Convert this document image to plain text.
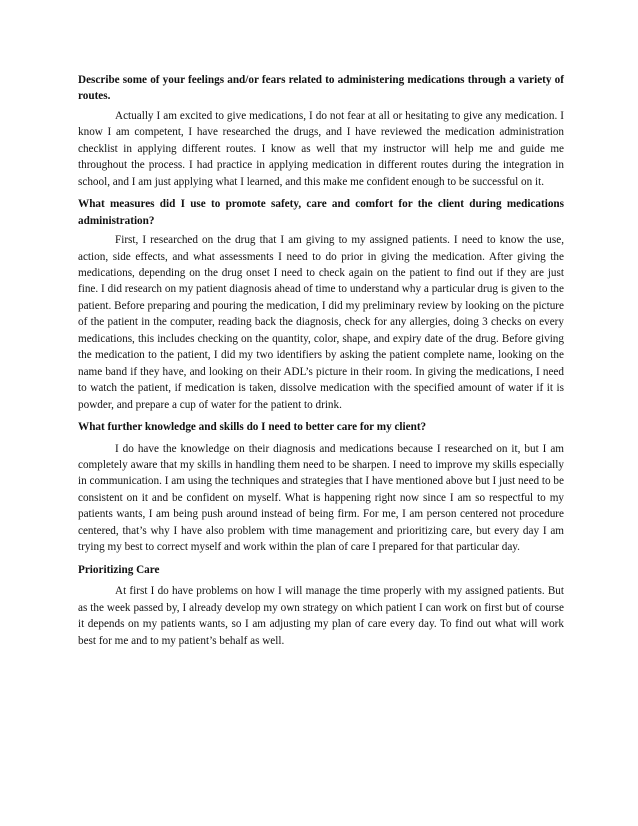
Describe some of your feelings and/or fears related to administering medications through a variety of routes.

Actually I am excited to give medications, I do not fear at all or hesitating to give any medication. I know I am competent, I have researched the drugs, and I have reviewed the medication administration checklist in applying different routes. I know as well that my instructor will help me and guide me throughout the process. I had practice in applying medication in different routes during the integration in school, and I am just applying what I learned, and this make me confident enough to be successful on it.

What measures did I use to promote safety, care and comfort for the client during medications administration?

First, I researched on the drug that I am giving to my assigned patients. I need to know the use, action, side effects, and what assessments I need to do prior in giving the medication. After giving the medications, depending on the drug onset I need to check again on the patient to find out if they are just fine. I did research on my patient diagnosis ahead of time to understand why a particular drug is given to the patient. Before preparing and pouring the medication, I did my preliminary review by looking on the picture of the patient in the computer, reading back the diagnosis, check for any allergies, doing 3 checks on every medications, this includes checking on the quantity, color, shape, and expiry date of the drug. Before giving the medication to the patient, I did my two identifiers by asking the patient complete name, looking on the name band if they have, and looking on their ADL’s picture in their room. In giving the medications, I need to watch the patient, if medication is taken, dissolve medication with the specified amount of water if it is powder, and prepare a cup of water for the patient to drink.

What further knowledge and skills do I need to better care for my client?

I do have the knowledge on their diagnosis and medications because I researched on it, but I am completely aware that my skills in handling them need to be sharpen. I need to improve my skills especially in communication. I am using the techniques and strategies that I have mentioned above but I just need to be consistent on it and be confident on myself. What is happening right now since I am so respectful to my patients wants, I am being push around instead of being firm. For me, I am person centered not procedure centered, that’s why I have also problem with time management and prioritizing care, but every day I am trying my best to correct myself and work within the plan of care I prepared for that particular day.

Prioritizing Care

At first I do have problems on how I will manage the time properly with my assigned patients. But as the week passed by, I already develop my own strategy on which patient I can work on first but of course it depends on my patients wants, so I am adjusting my plan of care every day. To find out what will work best for me and to my patient’s behalf as well.
